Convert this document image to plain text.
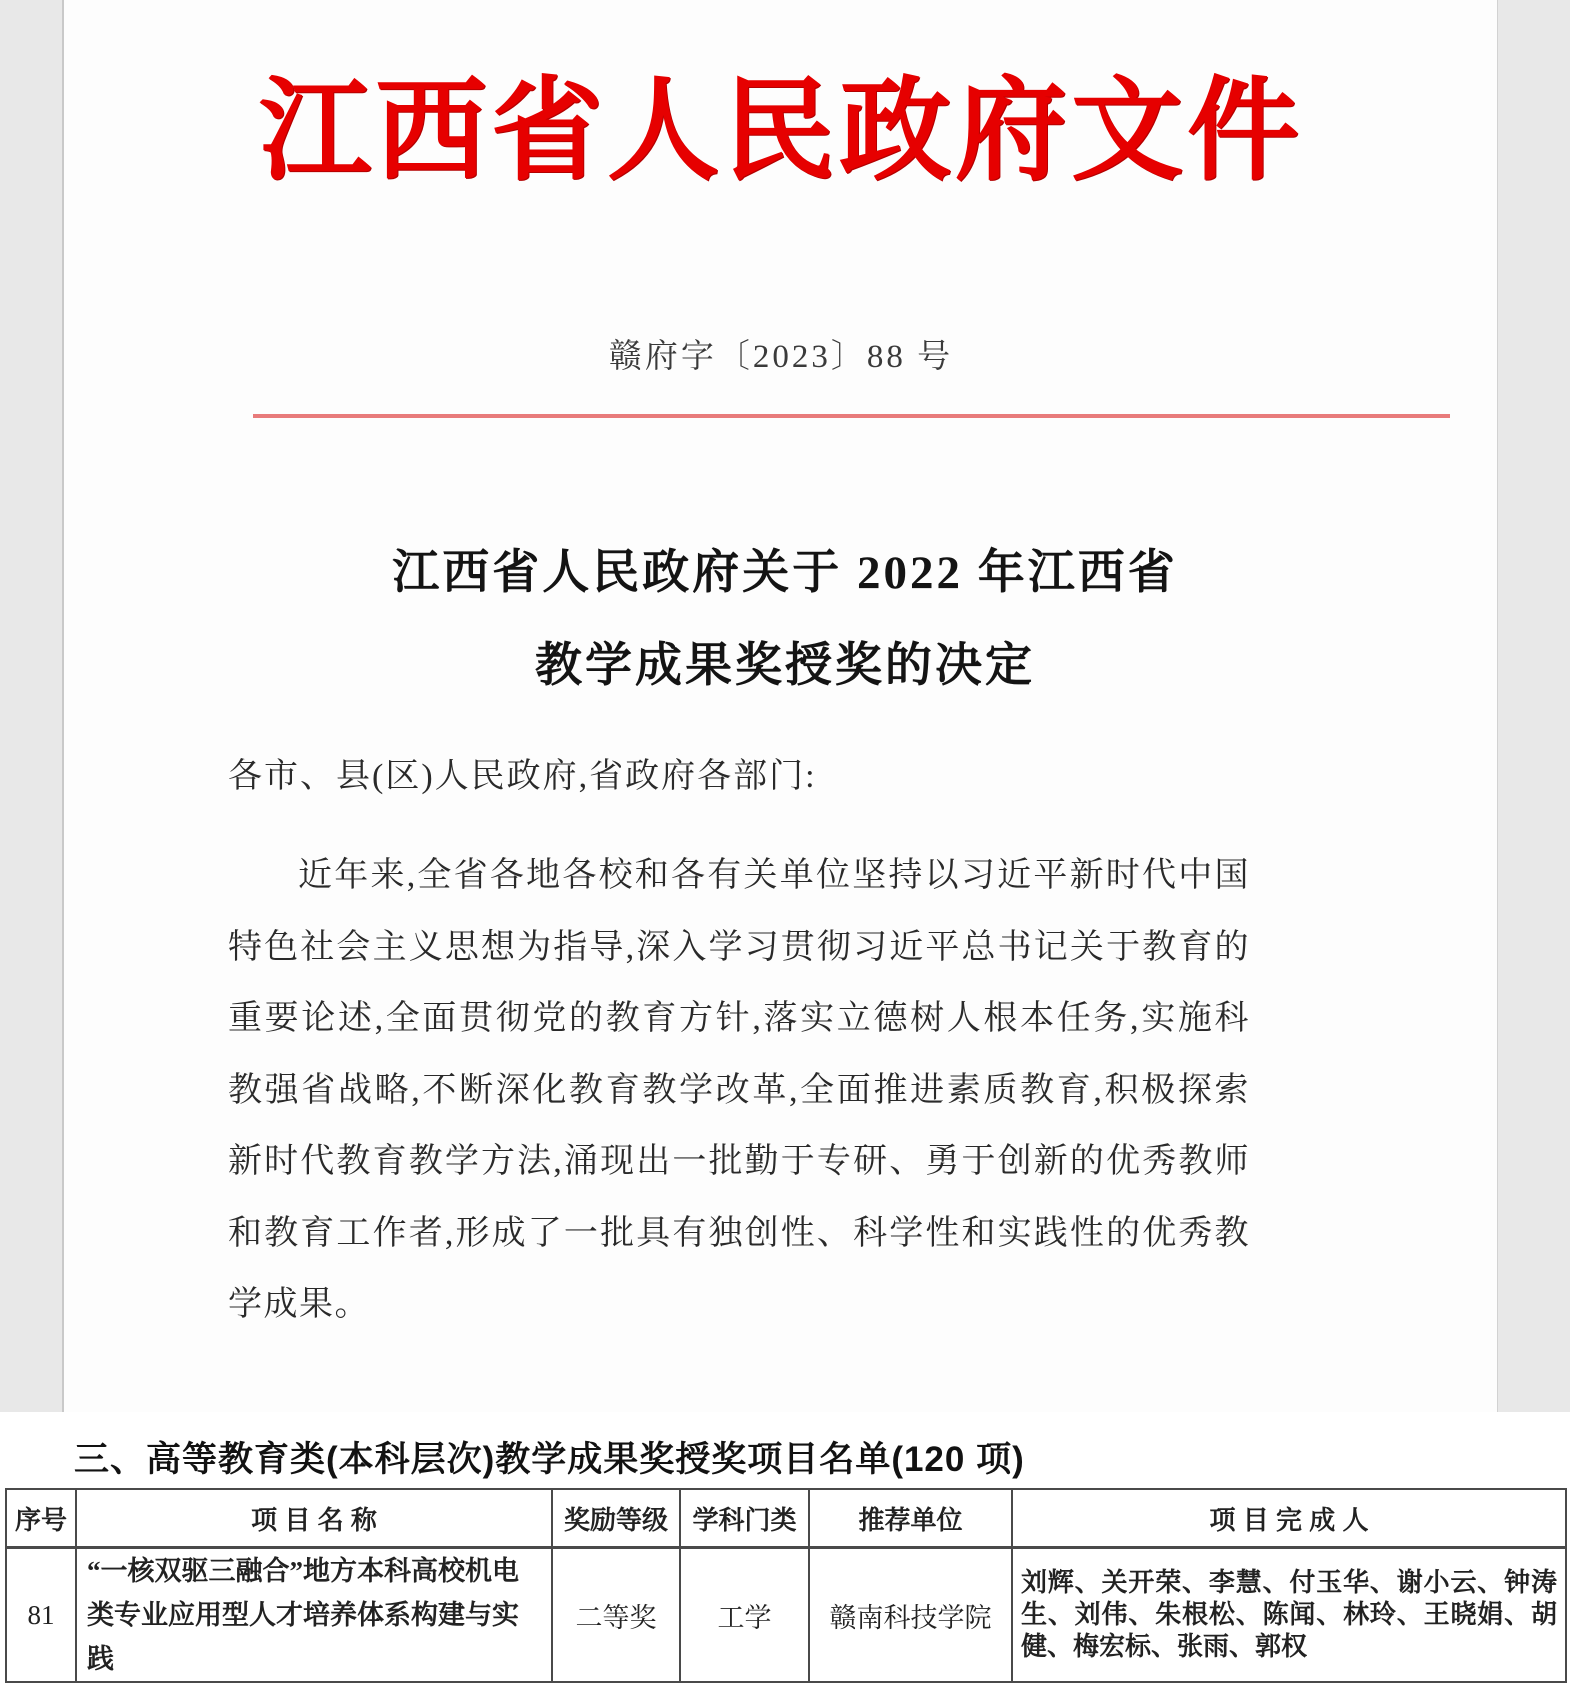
江西省人民政府文件
赣府字〔2023〕88 号
江西省人民政府关于 2022 年江西省
教学成果奖授奖的决定
各市、县(区)人民政府,省政府各部门:
近年来,全省各地各校和各有关单位坚持以习近平新时代中国特色社会主义思想为指导,深入学习贯彻习近平总书记关于教育的重要论述,全面贯彻党的教育方针,落实立德树人根本任务,实施科教强省战略,不断深化教育教学改革,全面推进素质教育,积极探索新时代教育教学方法,涌现出一批勤于专研、勇于创新的优秀教师和教育工作者,形成了一批具有独创性、科学性和实践性的优秀教学成果。
三、高等教育类(本科层次)教学成果奖授奖项目名单(120 项)
序号	项 目 名 称	奖励等级	学科门类	推荐单位	项 目 完 成 人
81	“一核双驱三融合”地方本科高校机电类专业应用型人才培养体系构建与实践	二等奖	工学	赣南科技学院	刘辉、关开荣、李慧、付玉华、谢小云、钟涛生、刘伟、朱根松、陈闻、林玲、王晓娟、胡健、梅宏标、张雨、郭权
